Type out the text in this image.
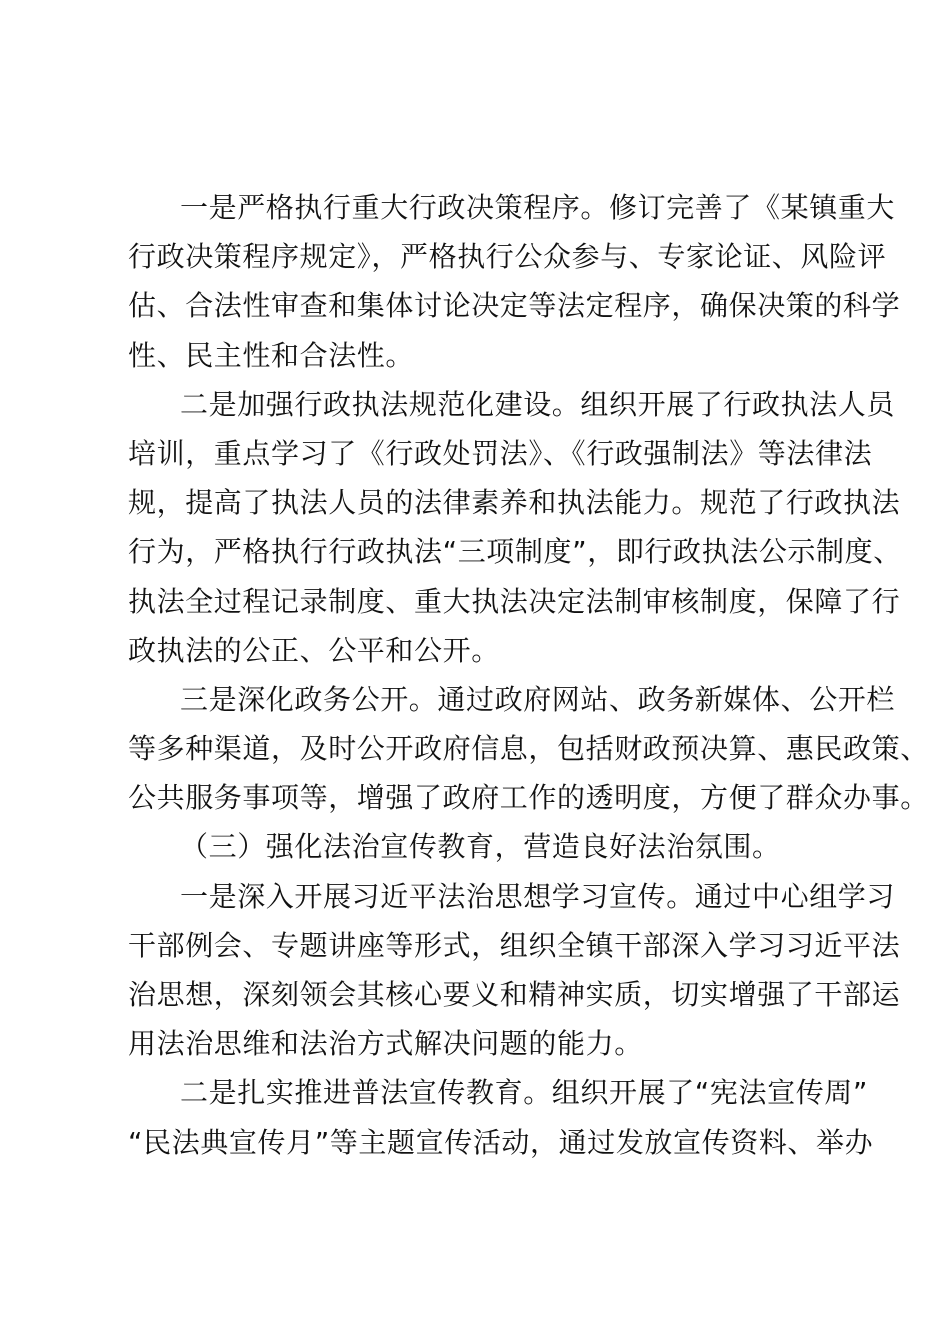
一是严格执行重大行政决策程序。修订完善了《某镇重大
行政决策程序规定》，严格执行公众参与、专家论证、风险评
估、合法性审查和集体讨论决定等法定程序，确保决策的科学
性、民主性和合法性。
二是加强行政执法规范化建设。组织开展了行政执法人员
培训，重点学习了《行政处罚法》、《行政强制法》等法律法
规，提高了执法人员的法律素养和执法能力。规范了行政执法
行为，严格执行行政执法“三项制度”，即行政执法公示制度、
执法全过程记录制度、重大执法决定法制审核制度，保障了行
政执法的公正、公平和公开。
三是深化政务公开。通过政府网站、政务新媒体、公开栏
等多种渠道，及时公开政府信息，包括财政预决算、惠民政策、
公共服务事项等，增强了政府工作的透明度，方便了群众办事。
（三）强化法治宣传教育，营造良好法治氛围。
一是深入开展习近平法治思想学习宣传。通过中心组学习
干部例会、专题讲座等形式，组织全镇干部深入学习习近平法
治思想，深刻领会其核心要义和精神实质，切实增强了干部运
用法治思维和法治方式解决问题的能力。
二是扎实推进普法宣传教育。组织开展了“宪法宣传周”
“民法典宣传月”等主题宣传活动，通过发放宣传资料、举办
